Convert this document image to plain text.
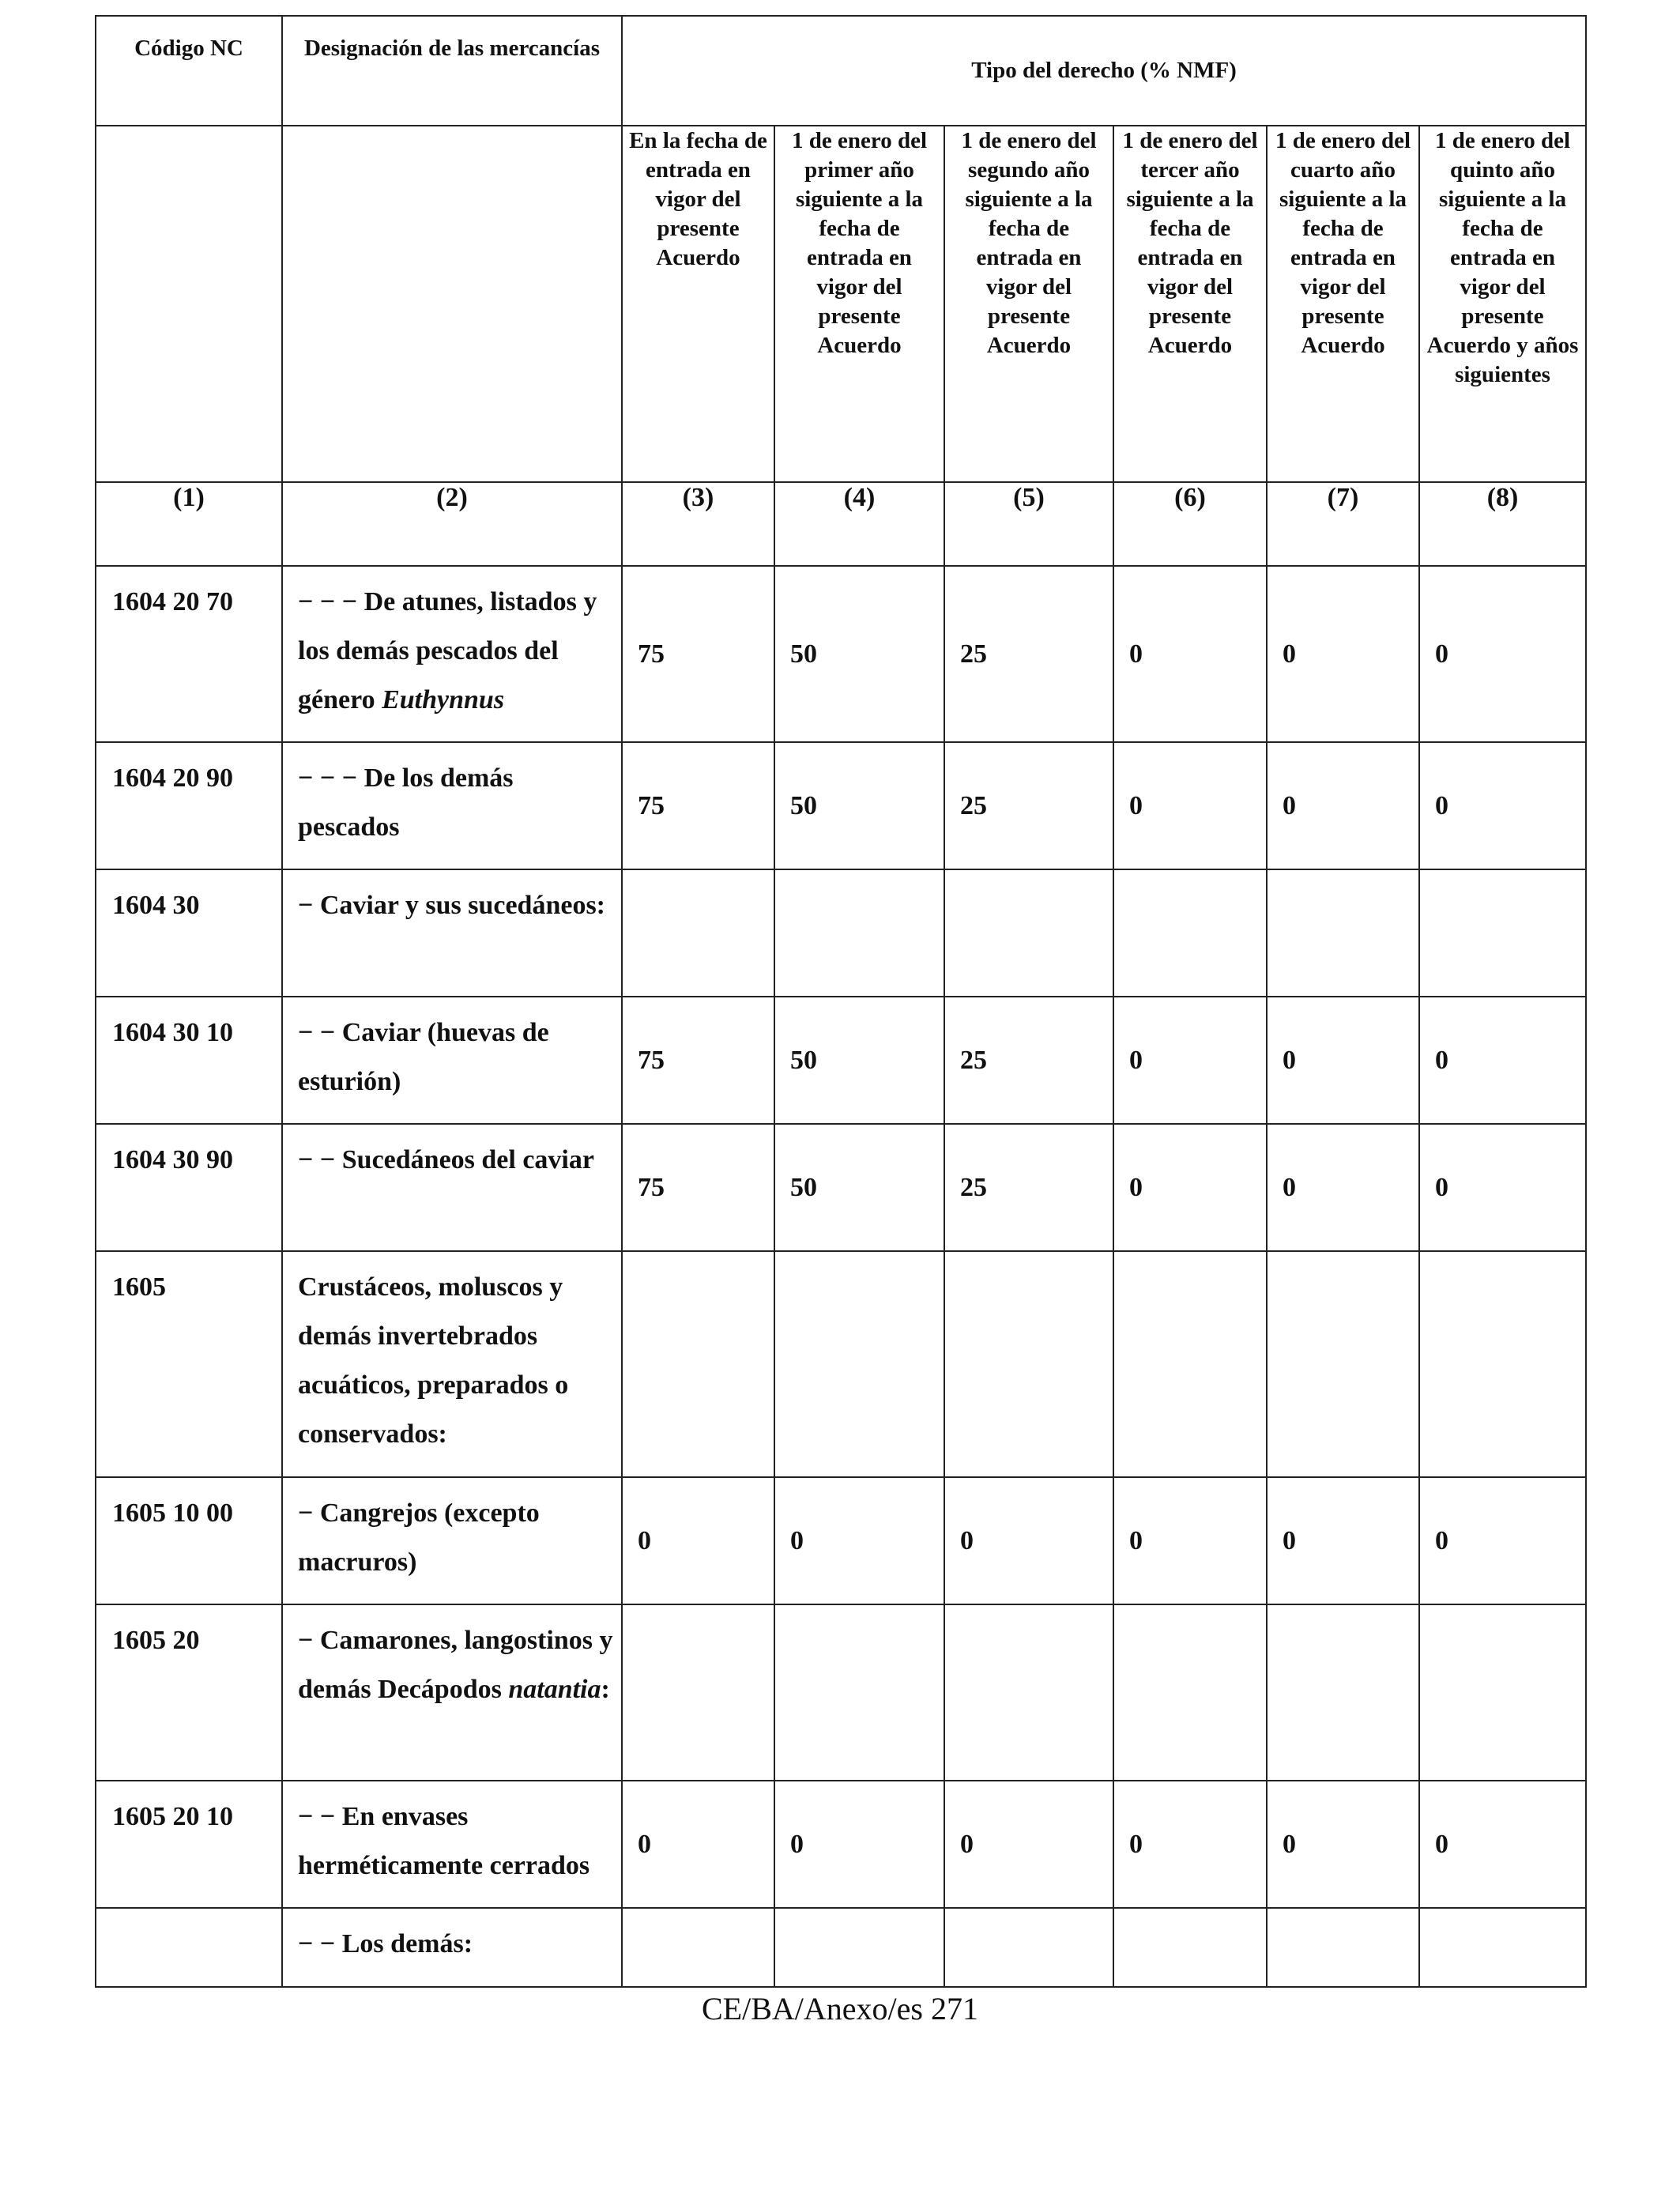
Código NC	Designación de las mercancías	Tipo del derecho (% NMF)					
		En la fecha de entrada en vigor del presente Acuerdo	1 de enero del primer año siguiente a la fecha de entrada en vigor del presente Acuerdo	1 de enero del segundo año siguiente a la fecha de entrada en vigor del presente Acuerdo	1 de enero del tercer año siguiente a la fecha de entrada en vigor del presente Acuerdo	1 de enero del cuarto año siguiente a la fecha de entrada en vigor del presente Acuerdo	1 de enero del quinto año siguiente a la fecha de entrada en vigor del presente Acuerdo y años siguientes
(1)	(2)	(3)	(4)	(5)	(6)	(7)	(8)
1604 20 70	− − − De atunes, listados y los demás pescados del género Euthynnus	75	50	25	0	0	0
1604 20 90	− − − De los demás pescados	75	50	25	0	0	0
1604 30	− Caviar y sus sucedáneos:						
1604 30 10	− − Caviar (huevas de esturión)	75	50	25	0	0	0
1604 30 90	− − Sucedáneos del caviar	75	50	25	0	0	0
1605	Crustáceos, moluscos y demás invertebrados acuáticos, preparados o conservados:						
1605 10 00	− Cangrejos (excepto macruros)	0	0	0	0	0	0
1605 20	− Camarones, langostinos y demás Decápodos natantia:						
1605 20 10	− − En envases herméticamente cerrados	0	0	0	0	0	0
	− − Los demás:						
CE/BA/Anexo/es 271
